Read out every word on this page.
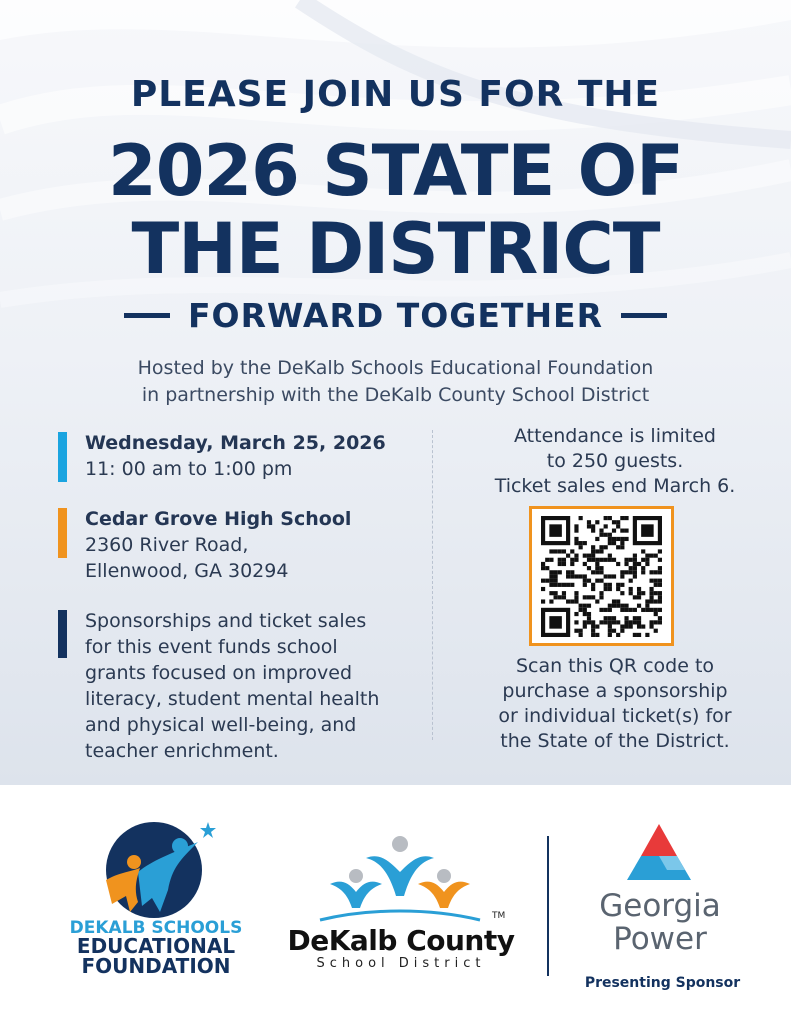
PLEASE JOIN US FOR THE
2026 STATE OF
THE DISTRICT
FORWARD TOGETHER
Hosted by the DeKalb Schools Educational Foundation
in partnership with the DeKalb County School District
Wednesday, March 25, 2026
11: 00 am to 1:00 pm
Cedar Grove High School
2360 River Road,
Ellenwood, GA 30294
Sponsorships and ticket sales
for this event funds school
grants focused on improved
literacy, student mental health
and physical well-being, and
teacher enrichment.
Attendance is limited
to 250 guests.
Ticket sales end March 6.
Scan this QR code to
purchase a sponsorship
or individual ticket(s) for
the State of the District.
DEKALB SCHOOLS
EDUCATIONAL
FOUNDATION
DeKalb County
TM
School District
Georgia
Power
Presenting Sponsor
